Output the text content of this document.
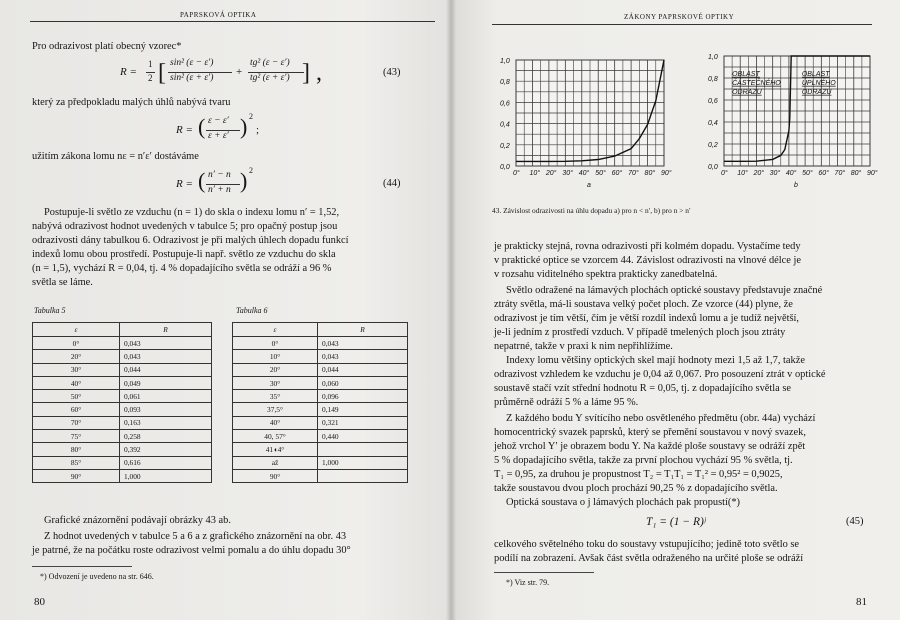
PAPRSKOVÁ OPTIKA
Pro odrazivost platí obecný vzorec*
R =
1
2 [ sin² (ε − ε′)
sin² (ε + ε′) +
tg² (ε − ε′)
tg² (ε + ε′) ] ,	(43)
který za předpokladu malých úhlů nabývá tvaru
R = ( ε − ε′
ε + ε′ ) 2
;
užitím zákona lomu nε = n′ε′ dostáváme
R = ( n′ − n
n′ + n ) 2
(44)
Postupuje-li světlo ze vzduchu (n = 1) do skla o indexu lomu n′ = 1,52,
nabývá odrazivost hodnot uvedených v tabulce 5; pro opačný postup jsou
odrazivosti dány tabulkou 6. Odrazivost je při malých úhlech dopadu funkcí
indexů lomu obou prostředí. Postupuje-li např. světlo ze vzduchu do skla
(n = 1,5), vychází R = 0,04, tj. 4 % dopadajícího světla se odráží a 96 %
světla se láme.
Tabulka 5
ε	R
0°	0,043
20°	0,043
30°	0,044
40°	0,049
50°	0,061
60°	0,093
70°	0,163
75°	0,258
80°	0,392
85°	0,616
90°	1,000
Tabulka 6
ε	R
0°	0,043
10°	0,043
20°	0,044
30°	0,060
35°	0,096
37,5°	0,149
40°	0,321
40, 57°	0,440
41◖4°	
až	1,000
90°	
Grafické znázornění podávají obrázky 43 ab.
Z hodnot uvedených v tabulce 5 a 6 a z grafického znázornění na obr. 43
je patrné, že na počátku roste odrazivost velmi pomalu a do úhlu dopadu 30°
*) Odvození je uvedeno na str. 646.
80
ZÁKONY PAPRSKOVÉ OPTIKY
0,0
0,2
0,4
0,6
0,8
1,0
0° 10° 20° 30° 40° 50° 60° 70° 80° 90°
a
0,0
0,2
0,4
0,6
0,8
1,0
0° 10° 20° 30° 40° 50° 60° 70° 80° 90°
OBLAST
ČÁSTEČNÉHO
ODRAZU
OBLAST
ÚPLNÉHO
ODRAZU
b
43. Závislost odrazivosti na úhlu dopadu a) pro n < n′, b) pro n > n′
je prakticky stejná, rovna odrazivosti při kolmém dopadu. Vystačíme tedy
v praktické optice se vzorcem 44. Závislost odrazivosti na vlnové délce je
v rozsahu viditelného spektra prakticky zanedbatelná.
Světlo odražené na lámavých plochách optické soustavy představuje značné
ztráty světla, má-li soustava velký počet ploch. Ze vzorce (44) plyne, že
odrazivost je tím větší, čím je větší rozdíl indexů lomu a je tudíž největší,
je-li jedním z prostředí vzduch. V případě tmelených ploch jsou ztráty
nepatrné, takže v praxi k nim nepřihlížíme.
Indexy lomu většiny optických skel mají hodnoty mezi 1,5 až 1,7, takže
odrazivost vzhledem ke vzduchu je 0,04 až 0,067. Pro posouzení ztrát v optické
soustavě stačí vzít střední hodnotu R = 0,05, tj. z dopadajícího světla se
průměrně odráží 5 % a láme 95 %.
Z každého bodu Y svítícího nebo osvětleného předmětu (obr. 44a) vychází
homocentrický svazek paprsků, který se přemění soustavou v nový svazek,
jehož vrchol Y′ je obrazem bodu Y. Na každé ploše soustavy se odráží zpět
5 % dopadajícího světla, takže za první plochou vychází 95 % světla, tj.
T₁ = 0,95, za druhou je propustnost T₂ = T₁T₁ = T₁² = 0,95² = 0,9025,
takže soustavou dvou ploch prochází 90,25 % z dopadajícího světla.
Optická soustava o j lámavých plochách pak propustí(*)
T₁ = (1 − R)ʲ	(45)
celkového světelného toku do soustavy vstupujícího; jedině toto světlo se
podílí na zobrazení. Avšak část světla odraženého na určité ploše se odráží
*) Viz str. 79.
81
